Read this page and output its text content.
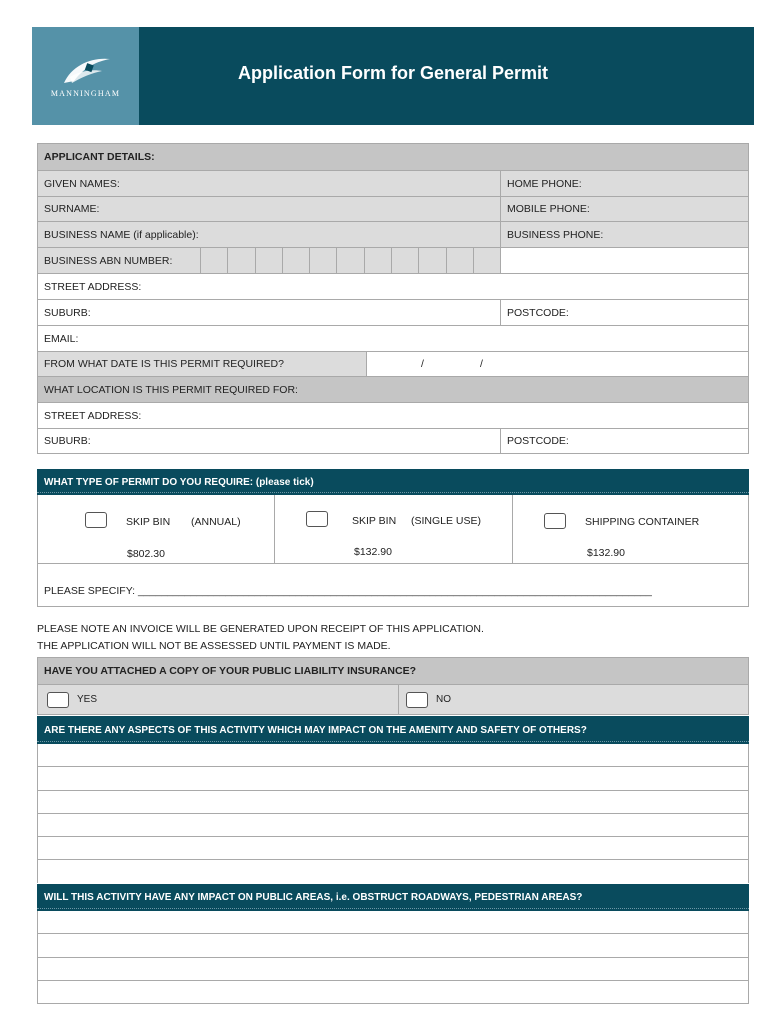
MANNINGHAM
Application Form for General Permit
APPLICANT DETAILS:
GIVEN NAMES:	HOME PHONE:
SURNAME:	MOBILE PHONE:
BUSINESS NAME (if applicable):	BUSINESS PHONE:
BUSINESS ABN NUMBER:
STREET ADDRESS:
SUBURB:	POSTCODE:
EMAIL:
FROM WHAT DATE IS THIS PERMIT REQUIRED?	/	/
WHAT LOCATION IS THIS PERMIT REQUIRED FOR:
STREET ADDRESS:
SUBURB:	POSTCODE:
WHAT TYPE OF PERMIT DO YOU REQUIRE: (please tick)
SKIP BIN (ANNUAL)
$802.30
SKIP BIN (SINGLE USE)
$132.90
SHIPPING CONTAINER
$132.90
PLEASE SPECIFY: ________________________________________________________________________________________
PLEASE NOTE AN INVOICE WILL BE GENERATED UPON RECEIPT OF THIS APPLICATION.
THE APPLICATION WILL NOT BE ASSESSED UNTIL PAYMENT IS MADE.
HAVE YOU ATTACHED A COPY OF YOUR PUBLIC LIABILITY INSURANCE?
YES	NO
ARE THERE ANY ASPECTS OF THIS ACTIVITY WHICH MAY IMPACT ON THE AMENITY AND SAFETY OF OTHERS?
WILL THIS ACTIVITY HAVE ANY IMPACT ON PUBLIC AREAS, i.e. OBSTRUCT ROADWAYS, PEDESTRIAN AREAS?
